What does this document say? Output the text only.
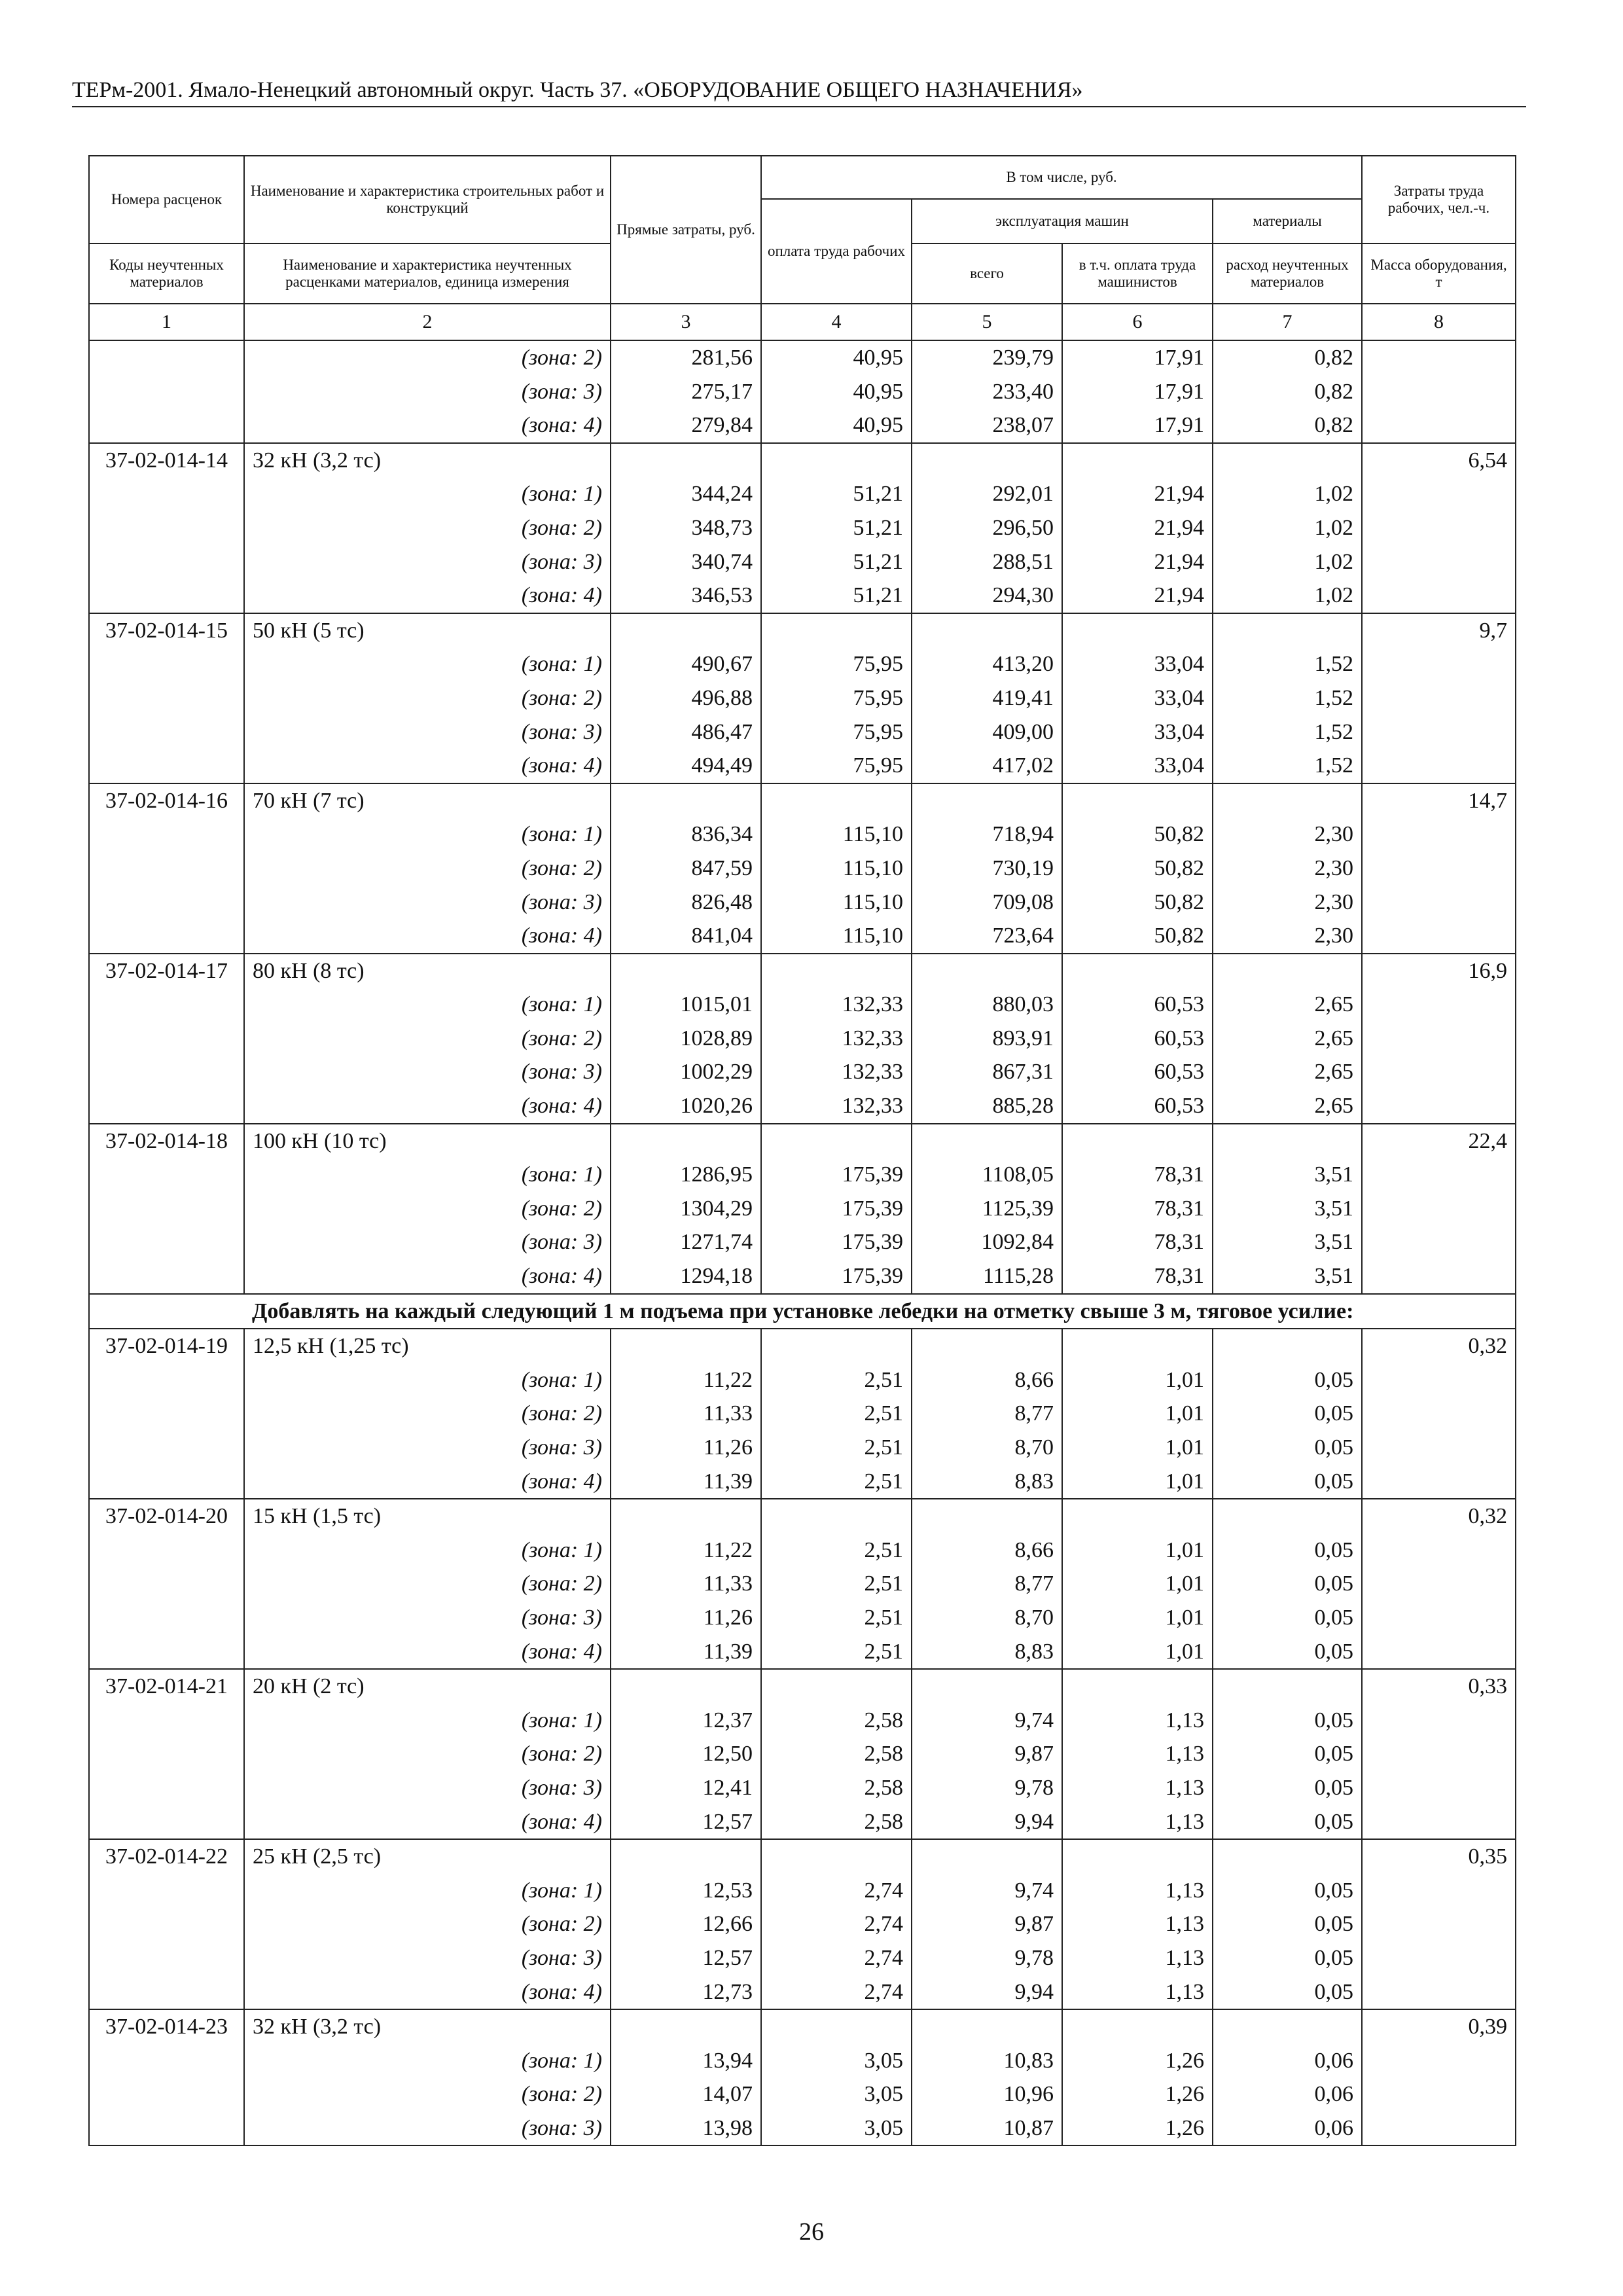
ТЕРм-2001. Ямало-Ненецкий автономный округ. Часть 37. «ОБОРУДОВАНИЕ ОБЩЕГО НАЗНАЧЕНИЯ»
Номера расценок	Наименование и характеристика строительных работ и конструкций	Прямые затраты, руб.	В том числе, руб.				Затраты труда рабочих, чел.-ч.
			оплата труда рабочих	эксплуатация машин		материалы	
Коды неучтенных материалов	Наименование и характеристика неучтенных расценками материалов, единица измерения			всего	в т.ч. оплата труда машинистов	расход неучтенных материалов	Масса оборудования, т
1	2	3	4	5	6	7	8
	(зона: 2)	281,56	40,95	239,79	17,91	0,82	
	(зона: 3)	275,17	40,95	233,40	17,91	0,82	
	(зона: 4)	279,84	40,95	238,07	17,91	0,82	
37-02-014-14	32 кН (3,2 тс)						6,54
	(зона: 1)	344,24	51,21	292,01	21,94	1,02	
	(зона: 2)	348,73	51,21	296,50	21,94	1,02	
	(зона: 3)	340,74	51,21	288,51	21,94	1,02	
	(зона: 4)	346,53	51,21	294,30	21,94	1,02	
37-02-014-15	50 кН (5 тс)						9,7
	(зона: 1)	490,67	75,95	413,20	33,04	1,52	
	(зона: 2)	496,88	75,95	419,41	33,04	1,52	
	(зона: 3)	486,47	75,95	409,00	33,04	1,52	
	(зона: 4)	494,49	75,95	417,02	33,04	1,52	
37-02-014-16	70 кН (7 тс)						14,7
	(зона: 1)	836,34	115,10	718,94	50,82	2,30	
	(зона: 2)	847,59	115,10	730,19	50,82	2,30	
	(зона: 3)	826,48	115,10	709,08	50,82	2,30	
	(зона: 4)	841,04	115,10	723,64	50,82	2,30	
37-02-014-17	80 кН (8 тс)						16,9
	(зона: 1)	1015,01	132,33	880,03	60,53	2,65	
	(зона: 2)	1028,89	132,33	893,91	60,53	2,65	
	(зона: 3)	1002,29	132,33	867,31	60,53	2,65	
	(зона: 4)	1020,26	132,33	885,28	60,53	2,65	
37-02-014-18	100 кН (10 тс)						22,4
	(зона: 1)	1286,95	175,39	1108,05	78,31	3,51	
	(зона: 2)	1304,29	175,39	1125,39	78,31	3,51	
	(зона: 3)	1271,74	175,39	1092,84	78,31	3,51	
	(зона: 4)	1294,18	175,39	1115,28	78,31	3,51	
	Добавлять на каждый следующий 1 м подъема при установке лебедки на отметку свыше 3 м, тяговое усилие:						
37-02-014-19	12,5 кН (1,25 тс)						0,32
	(зона: 1)	11,22	2,51	8,66	1,01	0,05	
	(зона: 2)	11,33	2,51	8,77	1,01	0,05	
	(зона: 3)	11,26	2,51	8,70	1,01	0,05	
	(зона: 4)	11,39	2,51	8,83	1,01	0,05	
37-02-014-20	15 кН (1,5 тс)						0,32
	(зона: 1)	11,22	2,51	8,66	1,01	0,05	
	(зона: 2)	11,33	2,51	8,77	1,01	0,05	
	(зона: 3)	11,26	2,51	8,70	1,01	0,05	
	(зона: 4)	11,39	2,51	8,83	1,01	0,05	
37-02-014-21	20 кН (2 тс)						0,33
	(зона: 1)	12,37	2,58	9,74	1,13	0,05	
	(зона: 2)	12,50	2,58	9,87	1,13	0,05	
	(зона: 3)	12,41	2,58	9,78	1,13	0,05	
	(зона: 4)	12,57	2,58	9,94	1,13	0,05	
37-02-014-22	25 кН (2,5 тс)						0,35
	(зона: 1)	12,53	2,74	9,74	1,13	0,05	
	(зона: 2)	12,66	2,74	9,87	1,13	0,05	
	(зона: 3)	12,57	2,74	9,78	1,13	0,05	
	(зона: 4)	12,73	2,74	9,94	1,13	0,05	
37-02-014-23	32 кН (3,2 тс)						0,39
	(зона: 1)	13,94	3,05	10,83	1,26	0,06	
	(зона: 2)	14,07	3,05	10,96	1,26	0,06	
	(зона: 3)	13,98	3,05	10,87	1,26	0,06	
26
